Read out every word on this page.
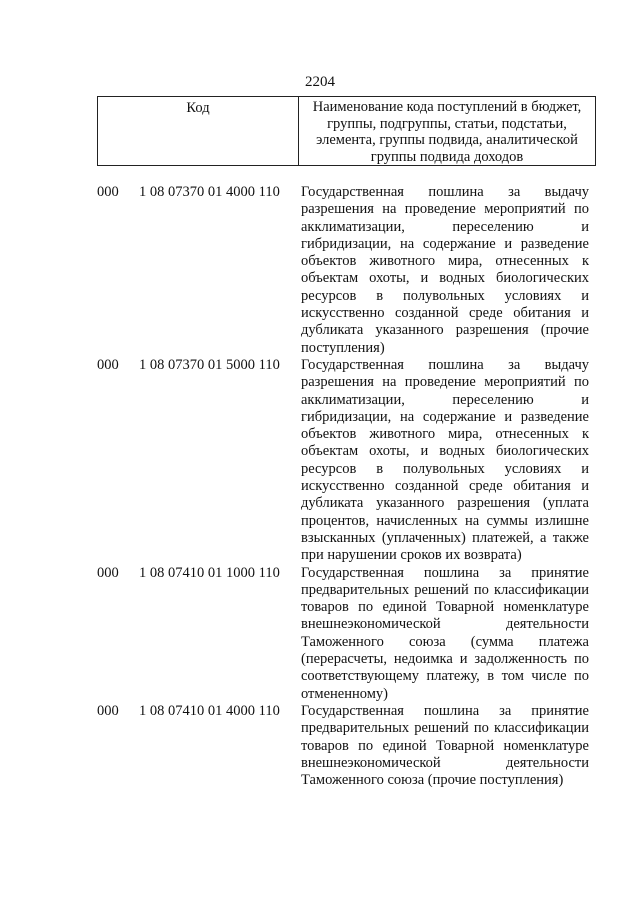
2204
Код	Наименование кода поступлений в бюджет, группы, подгруппы, статьи, подстатьи, элемента, группы подвида, аналитической группы подвида доходов
000	1 08 07370 01 4000 110	Государственная пошлина за выдачу разрешения на проведение мероприятий по акклиматизации, переселению и гибридизации, на содержание и разведение объектов животного мира, отнесенных к объектам охоты, и водных биологических ресурсов в полувольных условиях и искусственно созданной среде обитания и дубликата указанного разрешения (прочие поступления)
000	1 08 07370 01 5000 110	Государственная пошлина за выдачу разрешения на проведение мероприятий по акклиматизации, переселению и гибридизации, на содержание и разведение объектов животного мира, отнесенных к объектам охоты, и водных биологических ресурсов в полувольных условиях и искусственно созданной среде обитания и дубликата указанного разрешения (уплата процентов, начисленных на суммы излишне взысканных (уплаченных) платежей, а также при нарушении сроков их возврата)
000	1 08 07410 01 1000 110	Государственная пошлина за принятие предварительных решений по классификации товаров по единой Товарной номенклатуре внешнеэкономической деятельности Таможенного союза (сумма платежа (перерасчеты, недоимка и задолженность по соответствующему платежу, в том числе по отмененному)
000	1 08 07410 01 4000 110	Государственная пошлина за принятие предварительных решений по классификации товаров по единой Товарной номенклатуре внешнеэкономической деятельности Таможенного союза (прочие поступления)
